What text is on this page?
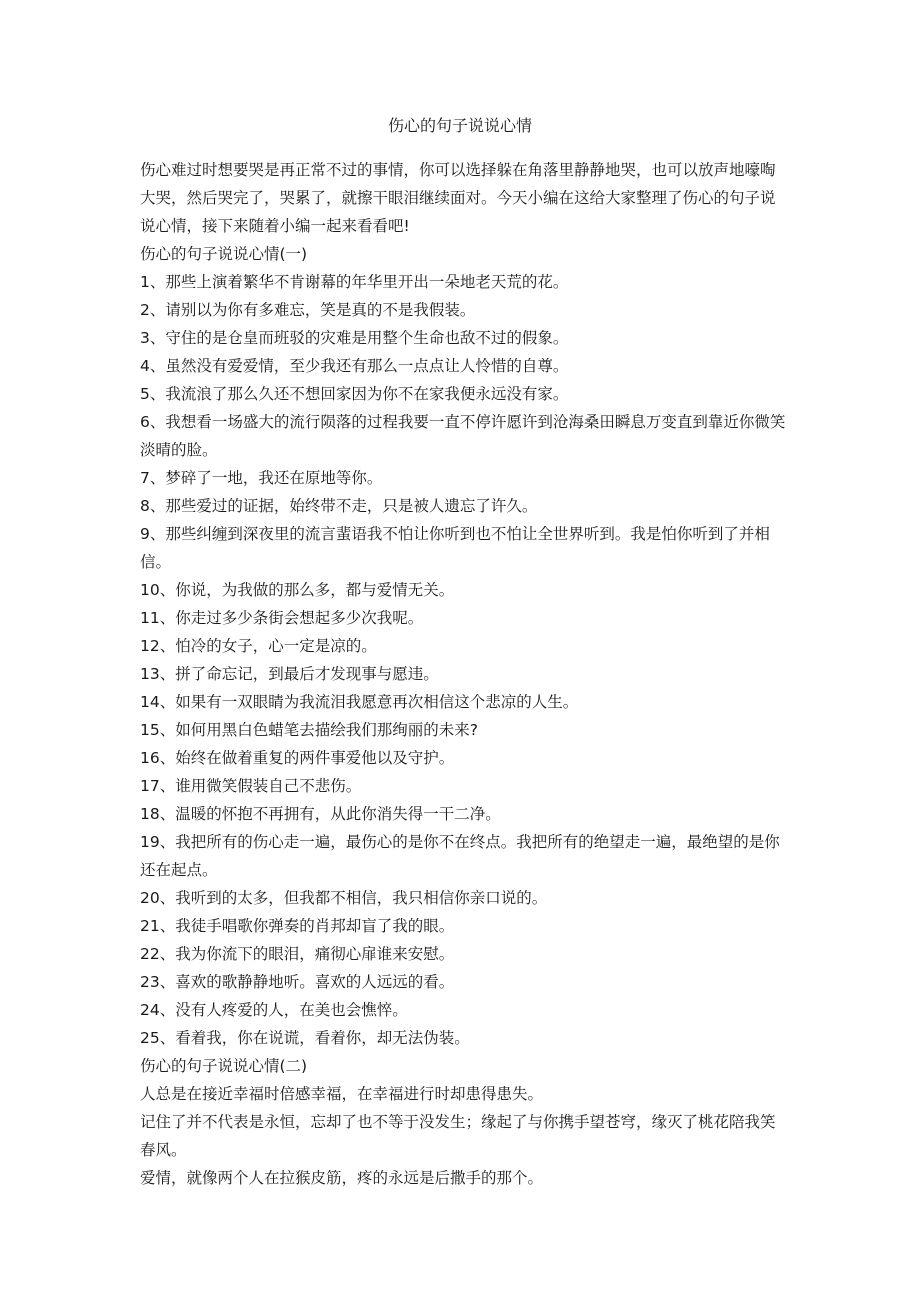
伤心的句子说说心情

伤心难过时想要哭是再正常不过的事情，你可以选择躲在角落里静静地哭，也可以放声地嚎啕大哭，然后哭完了，哭累了，就擦干眼泪继续面对。今天小编在这给大家整理了伤心的句子说说心情，接下来随着小编一起来看看吧!

伤心的句子说说心情(一)

1、那些上演着繁华不肯谢幕的年华里开出一朵地老天荒的花。

2、请别以为你有多难忘，笑是真的不是我假装。

3、守住的是仓皇而班驳的灾难是用整个生命也敌不过的假象。

4、虽然没有爱爱情，至少我还有那么一点点让人怜惜的自尊。

5、我流浪了那么久还不想回家因为你不在家我便永远没有家。

6、我想看一场盛大的流行陨落的过程我要一直不停许愿许到沧海桑田瞬息万变直到靠近你微笑淡晴的脸。

7、梦碎了一地，我还在原地等你。

8、那些爱过的证据，始终带不走，只是被人遗忘了许久。

9、那些纠缠到深夜里的流言蜚语我不怕让你听到也不怕让全世界听到。我是怕你听到了并相信。

10、你说，为我做的那么多，都与爱情无关。

11、你走过多少条街会想起多少次我呢。

12、怕冷的女子，心一定是凉的。

13、拼了命忘记，到最后才发现事与愿违。

14、如果有一双眼睛为我流泪我愿意再次相信这个悲凉的人生。

15、如何用黑白色蜡笔去描绘我们那绚丽的未来?

16、始终在做着重复的两件事爱他以及守护。

17、谁用微笑假装自己不悲伤。

18、温暖的怀抱不再拥有，从此你消失得一干二净。

19、我把所有的伤心走一遍，最伤心的是你不在终点。我把所有的绝望走一遍，最绝望的是你还在起点。

20、我听到的太多，但我都不相信，我只相信你亲口说的。

21、我徒手唱歌你弹奏的肖邦却盲了我的眼。

22、我为你流下的眼泪，痛彻心扉谁来安慰。

23、喜欢的歌静静地听。喜欢的人远远的看。

24、没有人疼爱的人，在美也会憔悴。

25、看着我，你在说谎，看着你，却无法伪装。

伤心的句子说说心情(二)

人总是在接近幸福时倍感幸福，在幸福进行时却患得患失。

记住了并不代表是永恒，忘却了也不等于没发生；缘起了与你携手望苍穹，缘灭了桃花陪我笑春风。

爱情，就像两个人在拉猴皮筋，疼的永远是后撒手的那个。
